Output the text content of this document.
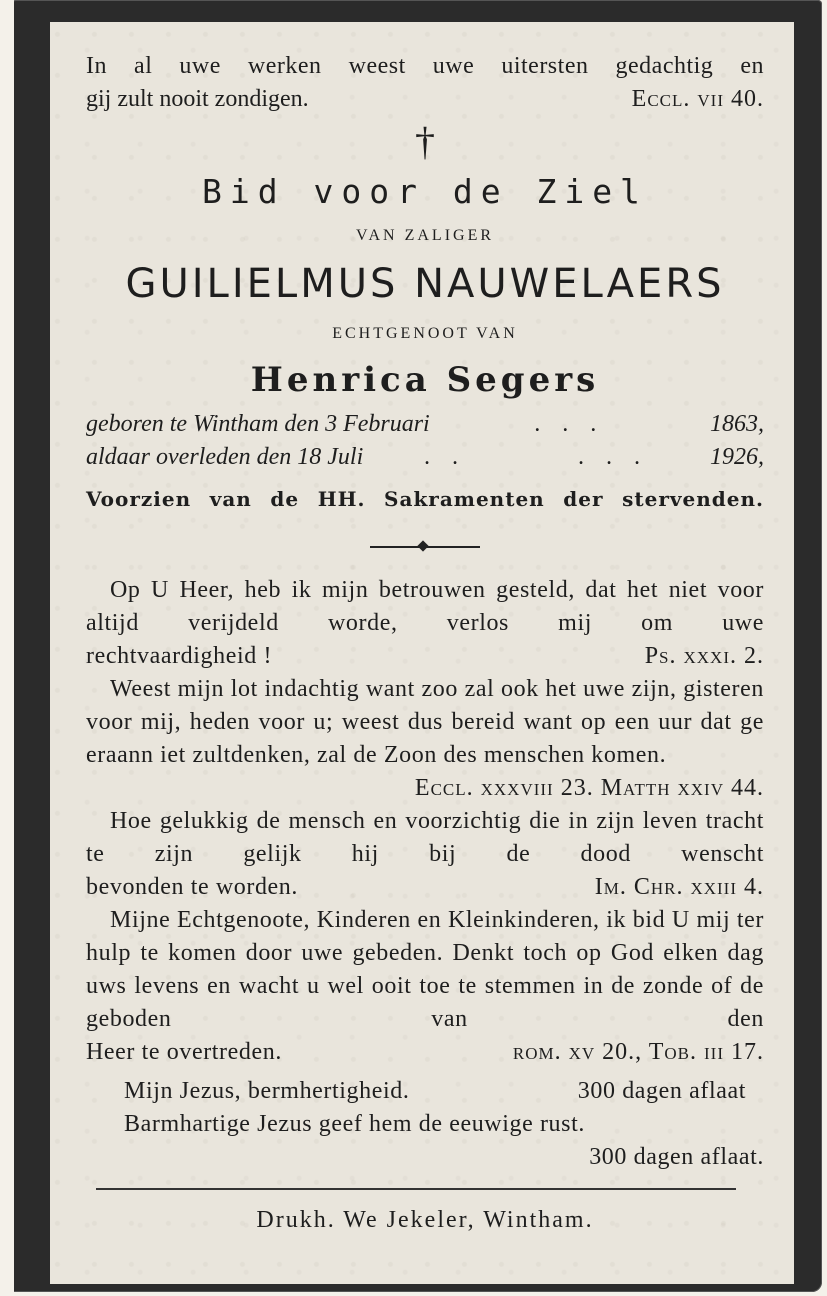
In al uwe werken weest uwe uitersten gedachtig en
gij zult nooit zondigen.	Eccl. vii 40.
†
Bid voor de Ziel
VAN ZALIGER
GUILIELMUS NAUWELAERS
ECHTGENOOT VAN
Henrica Segers
geboren te Wintham den 3 Februari	. . .	1863,
aldaar overleden den 18 Juli	. .        . . .	1926,
Voorzien van de HH. Sakramenten der stervenden.
Op U Heer, heb ik mijn betrouwen gesteld, dat het niet voor altijd verijdeld worde, verlos mij om uwe
rechtvaardigheid !	Ps. xxxi. 2.
Weest mijn lot indachtig want zoo zal ook het uwe zijn, gisteren voor mij, heden voor u; weest dus bereid want op een uur dat ge eraann iet zultdenken, zal de Zoon des menschen komen.
Eccl. xxxviii 23. Matth xxiv 44.
Hoe gelukkig de mensch en voorzichtig die in zijn leven tracht te zijn gelijk hij bij de dood wenscht
bevonden te worden.	Im. Chr. xxiii 4.
Mijne Echtgenoote, Kinderen en Kleinkinderen, ik bid U mij ter hulp te komen door uwe gebeden. Denkt toch op God elken dag uws levens en wacht u wel ooit toe te stemmen in de zonde of de geboden van den
Heer te overtreden.	rom. xv 20., Tob. iii 17.
Mijn Jezus, bermhertigheid.	300 dagen aflaat
Barmhartige Jezus geef hem de eeuwige rust.
300 dagen aflaat.
Drukh. We Jekeler, Wintham.
